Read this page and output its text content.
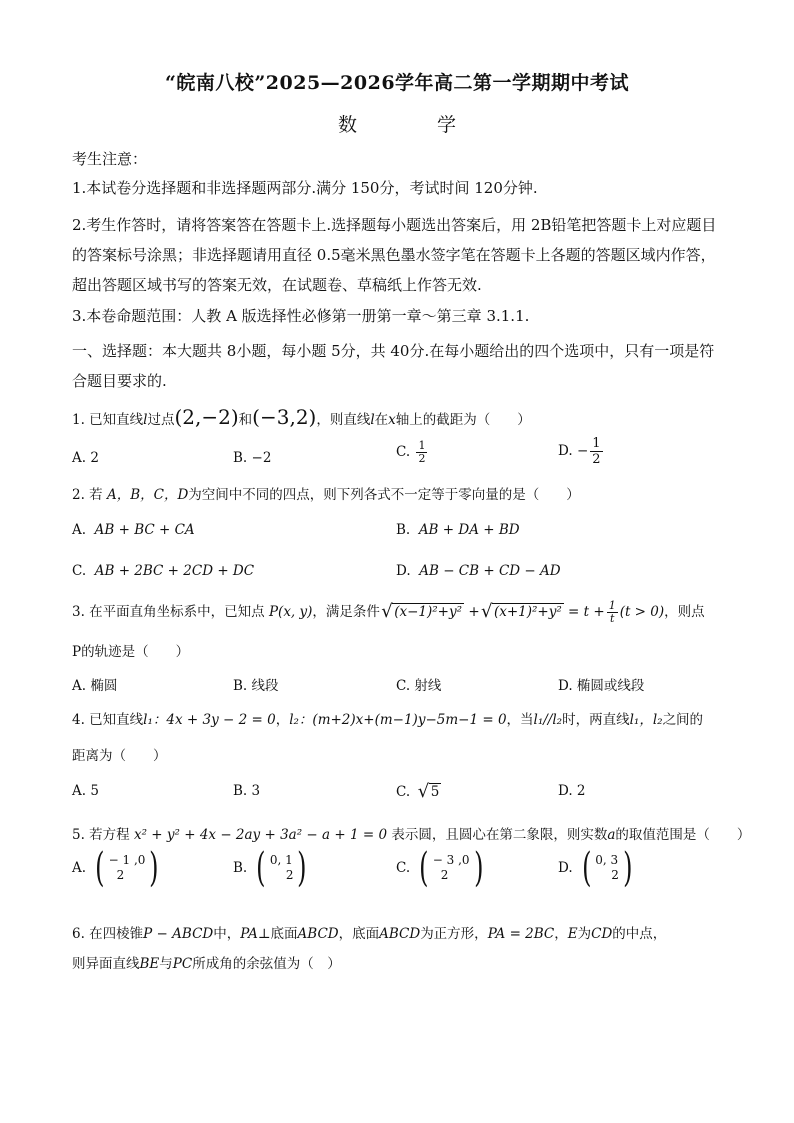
“皖南八校”2025—2026学年高二第一学期期中考试
数	学
考生注意：
1.本试卷分选择题和非选择题两部分.满分 150分，考试时间 120分钟.
2.考生作答时，请将答案答在答题卡上.选择题每小题选出答案后，用 2B铅笔把答题卡上对应题目的答案标号涂黑；非选择题请用直径 0.5毫米黑色墨水签字笔在答题卡上各题的答题区域内作答，超出答题区域书写的答案无效，在试题卷、草稿纸上作答无效.
3.本卷命题范围：人教 A 版选择性必修第一册第一章～第三章 3.1.1.
一、选择题：本大题共 8小题，每小题 5分，共 40分.在每小题给出的四个选项中，只有一项是符合题目要求的.
1. 已知直线l过点(2,−2)和(−3,2)，则直线l在x轴上的截距为（　　）
A. 2	B. −2	C. $\frac{1}{2}$	D. − $\frac{1}{2}$
2. 若 A，B，C，D为空间中不同的四点，则下列各式不一定等于零向量的是（　　）
A. AB + BC + CA	B. AB + DA + BD
C. AB + 2BC + 2CD + DC	D. AB − CB + CD − AD
3. 在平面直角坐标系中，已知点 P(x, y)，满足条件 √ (x−1)²+y² + √ $(x+1)^2+y^2 = t + \frac{1}{t} (t > 0)$，则点
P的轨迹是（　　）
A. 椭圆	B. 线段	C. 射线	D. 椭圆或线段
4. 已知直线l₁：4x + 3y − 2 = 0，l₂：(m+2)x+(m−1)y−5m−1 = 0，当l₁//l₂时，两直线l₁，l₂之间的
距离为（　　）
A. 5	B. 3	C. √ 5	D. 2
5. 若方程 x² + y² + 4x − 2ay + 3a² − a + 1 = 0 表示圆，且圆心在第二象限，则实数a的取值范围是（　　）
A. ( − 1 ,0
2 )	B. ( 0, 1
2 )	C. ( − 3 ,0
2 )	D. ( 0, 3
2 )
6. 在四棱锥P − ABCD中，PA⊥底面ABCD，底面ABCD为正方形，PA = 2BC，E为CD的中点，
则异面直线BE与PC所成角的余弦值为（　）
